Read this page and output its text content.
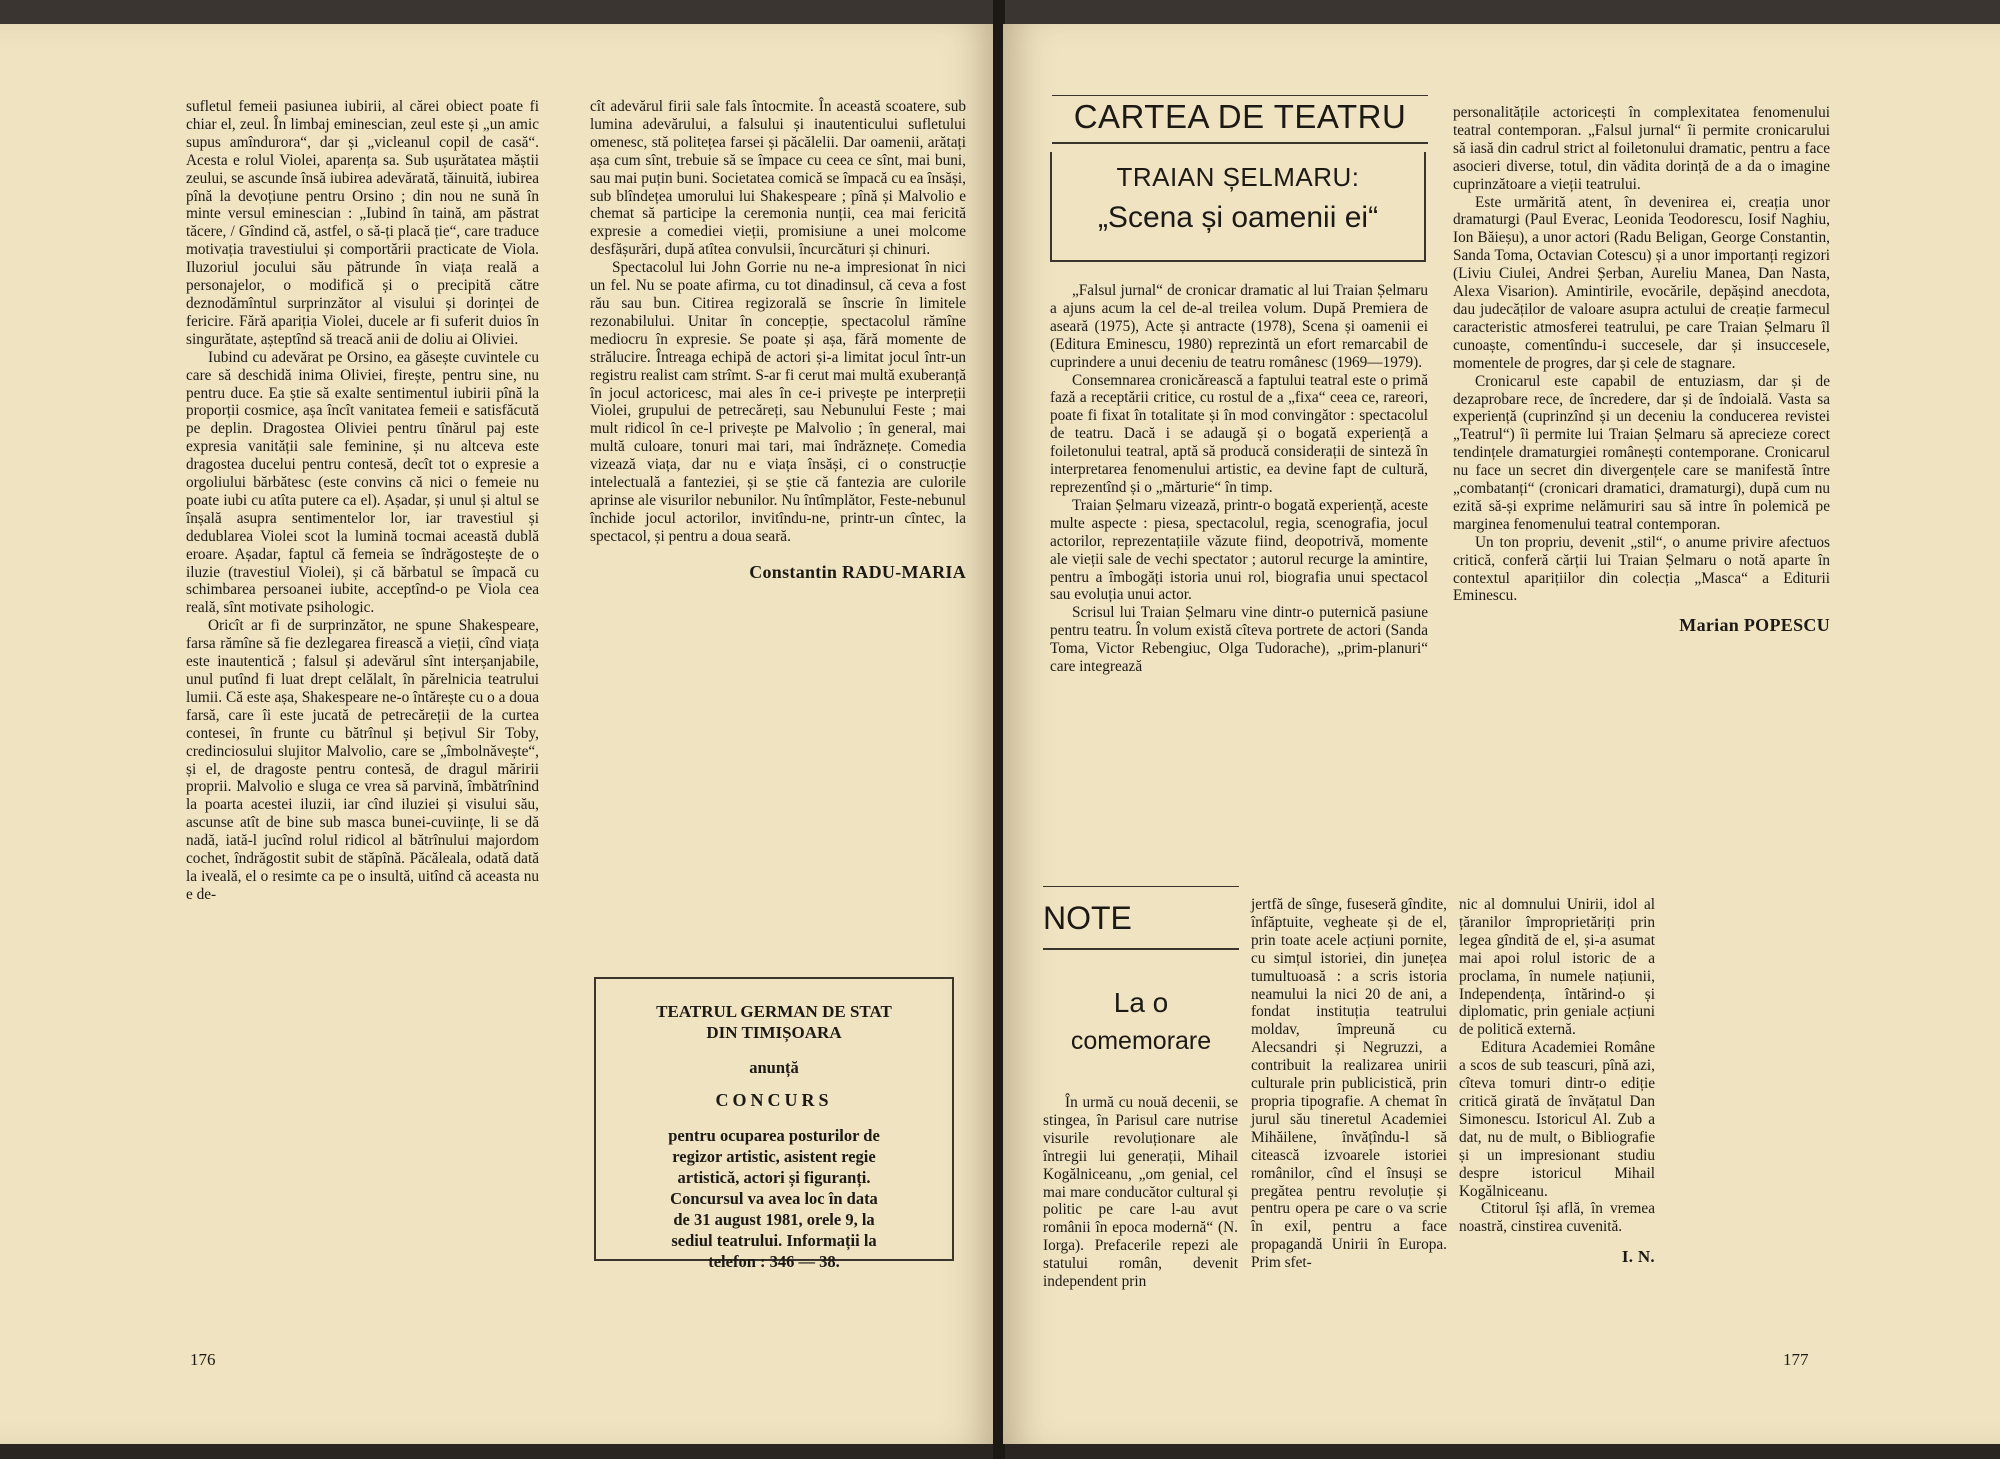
sufletul femeii pasiunea iubirii, al cărei obiect poate fi chiar el, zeul. În limbaj eminescian, zeul este și „un amic supus amîndurora“, dar și „vicleanul copil de casă“. Acesta e rolul Violei, aparența sa. Sub ușurătatea măștii zeului, se ascunde însă iubirea adevărată, tăinuită, iubirea pînă la devoțiune pentru Orsino ; din nou ne sună în minte versul eminescian : „Iubind în taină, am păstrat tăcere, / Gîndind că, astfel, o să-ți placă ție“, care traduce motivația travestiului și comportării practicate de Viola. Iluzoriul jocului său pătrunde în viața reală a personajelor, o modifică și o precipită către deznodămîntul surprinzător al visului și dorinței de fericire. Fără apariția Violei, ducele ar fi suferit duios în singurătate, așteptînd să treacă anii de doliu ai Oliviei.

Iubind cu adevărat pe Orsino, ea găsește cuvintele cu care să deschidă inima Oliviei, firește, pentru sine, nu pentru duce. Ea știe să exalte sentimentul iubirii pînă la proporții cosmice, așa încît vanitatea femeii e satisfăcută pe deplin. Dragostea Oliviei pentru tînărul paj este expresia vanității sale feminine, și nu altceva este dragostea ducelui pentru contesă, decît tot o expresie a orgoliului bărbătesc (este convins că nici o femeie nu poate iubi cu atîta putere ca el). Așadar, și unul și altul se înșală asupra sentimentelor lor, iar travestiul și dedublarea Violei scot la lumină tocmai această dublă eroare. Așadar, faptul că femeia se îndrăgostește de o iluzie (travestiul Violei), și că bărbatul se împacă cu schimbarea persoanei iubite, acceptînd-o pe Viola cea reală, sînt motivate psihologic.

Oricît ar fi de surprinzător, ne spune Shakespeare, farsa rămîne să fie dezlegarea firească a vieții, cînd viața este inautentică ; falsul și adevărul sînt interșanjabile, unul putînd fi luat drept celălalt, în părelnicia teatrului lumii. Că este așa, Shakespeare ne-o întărește cu o a doua farsă, care îi este jucată de petrecăreții de la curtea contesei, în frunte cu bătrînul și bețivul Sir Toby, credinciosului slujitor Malvolio, care se „îmbolnăvește“, și el, de dragoste pentru contesă, de dragul măririi proprii. Malvolio e sluga ce vrea să parvină, îmbătrînind la poarta acestei iluzii, iar cînd iluziei și visului său, ascunse atît de bine sub masca bunei-cuviințe, li se dă nadă, iată-l jucînd rolul ridicol al bătrînului majordom cochet, îndrăgostit subit de stăpînă. Păcăleala, odată dată la iveală, el o resimte ca pe o insultă, uitînd că aceasta nu e de-

cît adevărul firii sale fals întocmite. În această scoatere, sub lumina adevărului, a falsului și inautenticului sufletului omenesc, stă politețea farsei și păcălelii. Dar oamenii, arătați așa cum sînt, trebuie să se împace cu ceea ce sînt, mai buni, sau mai puțin buni. Societatea comică se împacă cu ea însăși, sub blîndețea umorului lui Shakespeare ; pînă și Malvolio e chemat să participe la ceremonia nunții, cea mai fericită expresie a comediei vieții, promisiune a unei molcome desfășurări, după atîtea convulsii, încurcături și chinuri.

Spectacolul lui John Gorrie nu ne-a impresionat în nici un fel. Nu se poate afirma, cu tot dinadinsul, că ceva a fost rău sau bun. Citirea regizorală se înscrie în limitele rezonabilului. Unitar în concepție, spectacolul rămîne mediocru în expresie. Se poate și așa, fără momente de strălucire. Întreaga echipă de actori și-a limitat jocul într-un registru realist cam strîmt. S-ar fi cerut mai multă exuberanță în jocul actoricesc, mai ales în ce-i privește pe interpreții Violei, grupului de petrecăreți, sau Nebunului Feste ; mai mult ridicol în ce-l privește pe Malvolio ; în general, mai multă culoare, tonuri mai tari, mai îndrăznețe. Comedia vizează viața, dar nu e viața însăși, ci o construcție intelectuală a fanteziei, și se știe că fantezia are culorile aprinse ale visurilor nebunilor. Nu întîmplător, Feste-nebunul închide jocul actorilor, invitîndu-ne, printr-un cîntec, la spectacol, și pentru a doua seară.

Constantin RADU-MARIA

TEATRUL GERMAN DE STAT
DIN TIMIȘOARA
anunță
CONCURS
pentru ocuparea posturilor de
regizor artistic, asistent regie
artistică, actori și figuranți.
Concursul va avea loc în data
de 31 august 1981, orele 9, la
sediul teatrului. Informații la
telefon : 346 — 38.
176
CARTEA DE TEATRU
TRAIAN ȘELMARU:
„Scena și oamenii ei“

„Falsul jurnal“ de cronicar dramatic al lui Traian Șelmaru a ajuns acum la cel de-al treilea volum. După Premiera de aseară (1975), Acte și antracte (1978), Scena și oamenii ei (Editura Eminescu, 1980) reprezintă un efort remarcabil de cuprindere a unui deceniu de teatru românesc (1969—1979).

Consemnarea cronicărească a faptului teatral este o primă fază a receptării critice, cu rostul de a „fixa“ ceea ce, rareori, poate fi fixat în totalitate și în mod convingător : spectacolul de teatru. Dacă i se adaugă și o bogată experiență a foiletonului teatral, aptă să producă considerații de sinteză în interpretarea fenomenului artistic, ea devine fapt de cultură, reprezentînd și o „mărturie“ în timp.

Traian Șelmaru vizează, printr-o bogată experiență, aceste multe aspecte : piesa, spectacolul, regia, scenografia, jocul actorilor, reprezentațiile văzute fiind, deopotrivă, momente ale vieții sale de vechi spectator ; autorul recurge la amintire, pentru a îmbogăți istoria unui rol, biografia unui spectacol sau evoluția unui actor.

Scrisul lui Traian Șelmaru vine dintr-o puternică pasiune pentru teatru. În volum există cîteva portrete de actori (Sanda Toma, Victor Rebengiuc, Olga Tudorache), „prim-planuri“ care integrează

personalitățile actoricești în complexitatea fenomenului teatral contemporan. „Falsul jurnal“ îi permite cronicarului să iasă din cadrul strict al foiletonului dramatic, pentru a face asocieri diverse, totul, din vădita dorință de a da o imagine cuprinzătoare a vieții teatrului.

Este urmărită atent, în devenirea ei, creația unor dramaturgi (Paul Everac, Leonida Teodorescu, Iosif Naghiu, Ion Băieșu), a unor actori (Radu Beligan, George Constantin, Sanda Toma, Octavian Cotescu) și a unor importanți regizori (Liviu Ciulei, Andrei Șerban, Aureliu Manea, Dan Nasta, Alexa Visarion). Amintirile, evocările, depășind anecdota, dau judecăților de valoare asupra actului de creație farmecul caracteristic atmosferei teatrului, pe care Traian Șelmaru îl cunoaște, comentîndu-i succesele, dar și insuccesele, momentele de progres, dar și cele de stagnare.

Cronicarul este capabil de entuziasm, dar și de dezaprobare rece, de încredere, dar și de îndoială. Vasta sa experiență (cuprinzînd și un deceniu la conducerea revistei „Teatrul“) îi permite lui Traian Șelmaru să aprecieze corect tendințele dramaturgiei românești contemporane. Cronicarul nu face un secret din divergențele care se manifestă între „combatanți“ (cronicari dramatici, dramaturgi), după cum nu ezită să-și exprime nelămuriri sau să intre în polemică pe marginea fenomenului teatral contemporan.

Un ton propriu, devenit „stil“, o anume privire afectuos critică, conferă cărții lui Traian Șelmaru o notă aparte în contextul aparițiilor din colecția „Masca“ a Editurii Eminescu.

Marian POPESCU

NOTE
La o
comemorare

În urmă cu nouă decenii, se stingea, în Parisul care nutrise visurile revoluționare ale întregii lui generații, Mihail Kogălniceanu, „om genial, cel mai mare conducător cultural și politic pe care l-au avut românii în epoca modernă“ (N. Iorga). Prefacerile repezi ale statului român, devenit independent prin

jertfă de sînge, fuseseră gîndite, înfăptuite, vegheate și de el, prin toate acele acțiuni pornite, cu simțul istoriei, din junețea tumultuoasă : a scris istoria neamului la nici 20 de ani, a fondat instituția teatrului moldav, împreună cu Alecsandri și Negruzzi, a contribuit la realizarea unirii culturale prin publicistică, prin propria tipografie. A chemat în jurul său tineretul Academiei Mihăilene, învățîndu-l să citească izvoarele istoriei românilor, cînd el însuși se pregătea pentru revoluție și pentru opera pe care o va scrie în exil, pentru a face propagandă Unirii în Europa. Prim sfet-

nic al domnului Unirii, idol al țăranilor împroprietăriți prin legea gîndită de el, și-a asumat mai apoi rolul istoric de a proclama, în numele națiunii, Independența, întărind-o și diplomatic, prin geniale acțiuni de politică externă.

Editura Academiei Române a scos de sub teascuri, pînă azi, cîteva tomuri dintr-o ediție critică girată de învățatul Dan Simonescu. Istoricul Al. Zub a dat, nu de mult, o Bibliografie și un impresionant studiu despre istoricul Mihail Kogălniceanu.

Ctitorul își află, în vremea noastră, cinstirea cuvenită.

I. N.

177
